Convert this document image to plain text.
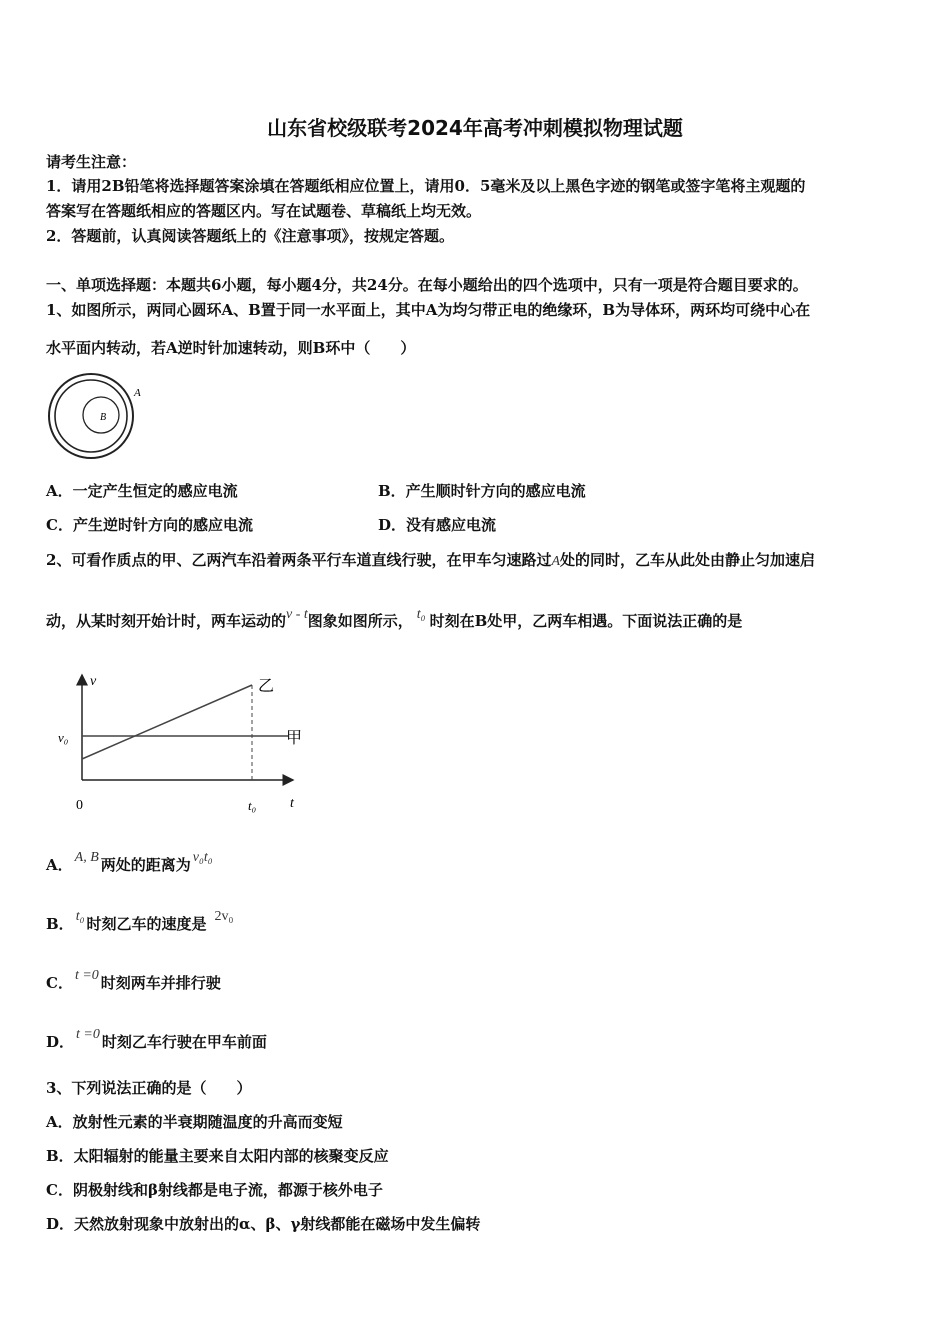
山东省校级联考2024年高考冲刺模拟物理试题
请考生注意：
1．请用2B铅笔将选择题答案涂填在答题纸相应位置上，请用0．5毫米及以上黑色字迹的钢笔或签字笔将主观题的
答案写在答题纸相应的答题区内。写在试题卷、草稿纸上均无效。
2．答题前，认真阅读答题纸上的《注意事项》，按规定答题。
一、单项选择题：本题共6小题，每小题4分，共24分。在每小题给出的四个选项中，只有一项是符合题目要求的。
1、如图所示，两同心圆环A、B置于同一水平面上，其中A为均匀带正电的绝缘环，B为导体环，两环均可绕中心在
水平面内转动，若A逆时针加速转动，则B环中（　　）
A
B
A．一定产生恒定的感应电流	B．产生顺时针方向的感应电流
C．产生逆时针方向的感应电流	D．没有感应电流
2、可看作质点的甲、乙两汽车沿着两条平行车道直线行驶，在甲车匀速路过A处的同时，乙车从此处由静止匀加速启
动，从某时刻开始计时，两车运动的v - t图象如图所示， t₀ 时刻在B处甲，乙两车相遇。下面说法正确的是
v
t
0
v₀
t₀
乙
甲
A． A, B 两处的距离为 v₀t₀
B． t₀ 时刻乙车的速度是 2v₀
C． t =0 时刻两车并排行驶
D． t =0 时刻乙车行驶在甲车前面
3、下列说法正确的是（　　）
A．放射性元素的半衰期随温度的升高而变短
B．太阳辐射的能量主要来自太阳内部的核聚变反应
C．阴极射线和β射线都是电子流，都源于核外电子
D．天然放射现象中放射出的α、β、γ射线都能在磁场中发生偏转
